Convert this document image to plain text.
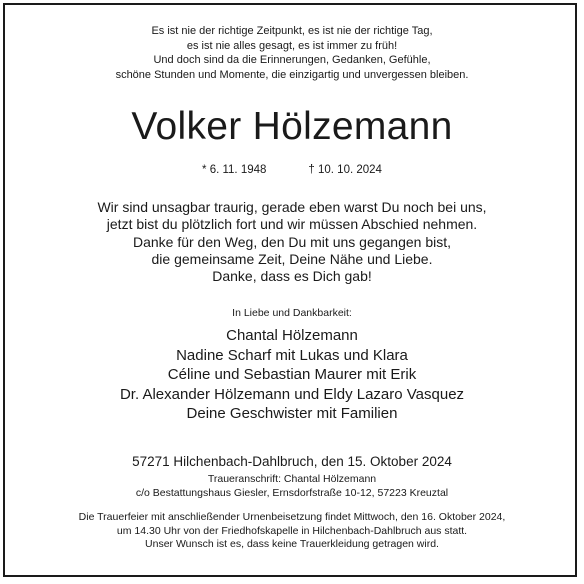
Es ist nie der richtige Zeitpunkt, es ist nie der richtige Tag,
es ist nie alles gesagt, es ist immer zu früh!
Und doch sind da die Erinnerungen, Gedanken, Gefühle,
schöne Stunden und Momente, die einzigartig und unvergessen bleiben.
Volker Hölzemann
* 6. 11. 1948	† 10. 10. 2024
Wir sind unsagbar traurig, gerade eben warst Du noch bei uns,
jetzt bist du plötzlich fort und wir müssen Abschied nehmen.
Danke für den Weg, den Du mit uns gegangen bist,
die gemeinsame Zeit, Deine Nähe und Liebe.
Danke, dass es Dich gab!
In Liebe und Dankbarkeit:
Chantal Hölzemann
Nadine Scharf mit Lukas und Klara
Céline und Sebastian Maurer mit Erik
Dr. Alexander Hölzemann und Eldy Lazaro Vasquez
Deine Geschwister mit Familien
57271 Hilchenbach-Dahlbruch, den 15. Oktober 2024
Traueranschrift: Chantal Hölzemann
c/o Bestattungshaus Giesler, Ernsdorfstraße 10-12, 57223 Kreuztal
Die Trauerfeier mit anschließender Urnenbeisetzung findet Mittwoch, den 16. Oktober 2024,
um 14.30 Uhr von der Friedhofskapelle in Hilchenbach-Dahlbruch aus statt.
Unser Wunsch ist es, dass keine Trauerkleidung getragen wird.
